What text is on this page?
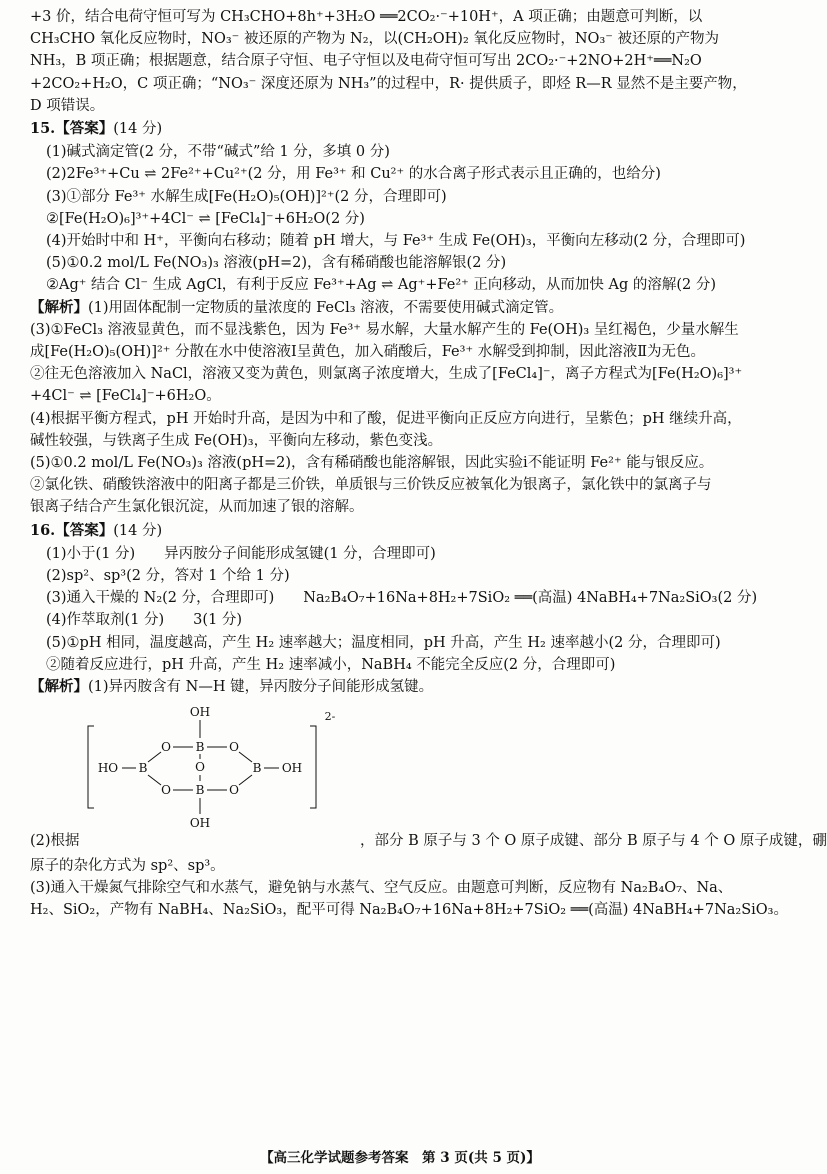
+3 价，结合电荷守恒可写为 CH₃CHO+8h⁺+3H₂O ══2CO₂·⁻+10H⁺，A 项正确；由题意可判断，以

CH₃CHO 氧化反应物时，NO₃⁻ 被还原的产物为 N₂，以(CH₂OH)₂ 氧化反应物时，NO₃⁻ 被还原的产物为

NH₃，B 项正确；根据题意，结合原子守恒、电子守恒以及电荷守恒可写出 2CO₂·⁻+2NO+2H⁺══N₂O

+2CO₂+H₂O，C 项正确；“NO₃⁻ 深度还原为 NH₃”的过程中，R· 提供质子，即烃 R—R 显然不是主要产物，

D 项错误。

15.【答案】(14 分)

(1)碱式滴定管(2 分，不带“碱式”给 1 分，多填 0 分)

(2)2Fe³⁺+Cu ⇌ 2Fe²⁺+Cu²⁺(2 分，用 Fe³⁺ 和 Cu²⁺ 的水合离子形式表示且正确的，也给分)

(3)①部分 Fe³⁺ 水解生成[Fe(H₂O)₅(OH)]²⁺(2 分，合理即可)

②[Fe(H₂O)₆]³⁺+4Cl⁻ ⇌ [FeCl₄]⁻+6H₂O(2 分)

(4)开始时中和 H⁺，平衡向右移动；随着 pH 增大，与 Fe³⁺ 生成 Fe(OH)₃，平衡向左移动(2 分，合理即可)

(5)①0.2 mol/L Fe(NO₃)₃ 溶液(pH=2)，含有稀硝酸也能溶解银(2 分)

②Ag⁺ 结合 Cl⁻ 生成 AgCl，有利于反应 Fe³⁺+Ag ⇌ Ag⁺+Fe²⁺ 正向移动，从而加快 Ag 的溶解(2 分)

【解析】(1)用固体配制一定物质的量浓度的 FeCl₃ 溶液，不需要使用碱式滴定管。

(3)①FeCl₃ 溶液显黄色，而不显浅紫色，因为 Fe³⁺ 易水解，大量水解产生的 Fe(OH)₃ 呈红褐色，少量水解生

成[Fe(H₂O)₅(OH)]²⁺ 分散在水中使溶液Ⅰ呈黄色，加入硝酸后，Fe³⁺ 水解受到抑制，因此溶液Ⅱ为无色。

②往无色溶液加入 NaCl，溶液又变为黄色，则氯离子浓度增大，生成了[FeCl₄]⁻，离子方程式为[Fe(H₂O)₆]³⁺

+4Cl⁻ ⇌ [FeCl₄]⁻+6H₂O。

(4)根据平衡方程式，pH 开始时升高，是因为中和了酸，促进平衡向正反应方向进行，呈紫色；pH 继续升高，

碱性较强，与铁离子生成 Fe(OH)₃，平衡向左移动，紫色变浅。

(5)①0.2 mol/L Fe(NO₃)₃ 溶液(pH=2)，含有稀硝酸也能溶解银，因此实验ⅰ不能证明 Fe²⁺ 能与银反应。

②氯化铁、硝酸铁溶液中的阳离子都是三价铁，单质银与三价铁反应被氧化为银离子，氯化铁中的氯离子与

银离子结合产生氯化银沉淀，从而加速了银的溶解。

16.【答案】(14 分)

(1)小于(1 分)　　异丙胺分子间能形成氢键(1 分，合理即可)

(2)sp²、sp³(2 分，答对 1 个给 1 分)

(3)通入干燥的 N₂(2 分，合理即可)　　Na₂B₄O₇+16Na+8H₂+7SiO₂ ══(高温) 4NaBH₄+7Na₂SiO₃(2 分)

(4)作萃取剂(1 分)　　3(1 分)

(5)①pH 相同，温度越高，产生 H₂ 速率越大；温度相同，pH 升高，产生 H₂ 速率越小(2 分，合理即可)

②随着反应进行，pH 升高，产生 H₂ 速率减小，NaBH₄ 不能完全反应(2 分，合理即可)

【解析】(1)异丙胺含有 N—H 键，异丙胺分子间能形成氢键。

OH
B
O	O
O
B	B
HO	OH
O	O
B
OH
2-

(2)根据	，部分 B 原子与 3 个 O 原子成键、部分 B 原子与 4 个 O 原子成键，硼

原子的杂化方式为 sp²、sp³。

(3)通入干燥氮气排除空气和水蒸气，避免钠与水蒸气、空气反应。由题意可判断，反应物有 Na₂B₄O₇、Na、

H₂、SiO₂，产物有 NaBH₄、Na₂SiO₃，配平可得 Na₂B₄O₇+16Na+8H₂+7SiO₂ ══(高温) 4NaBH₄+7Na₂SiO₃。

【高三化学试题参考答案　第 3 页(共 5 页)】
